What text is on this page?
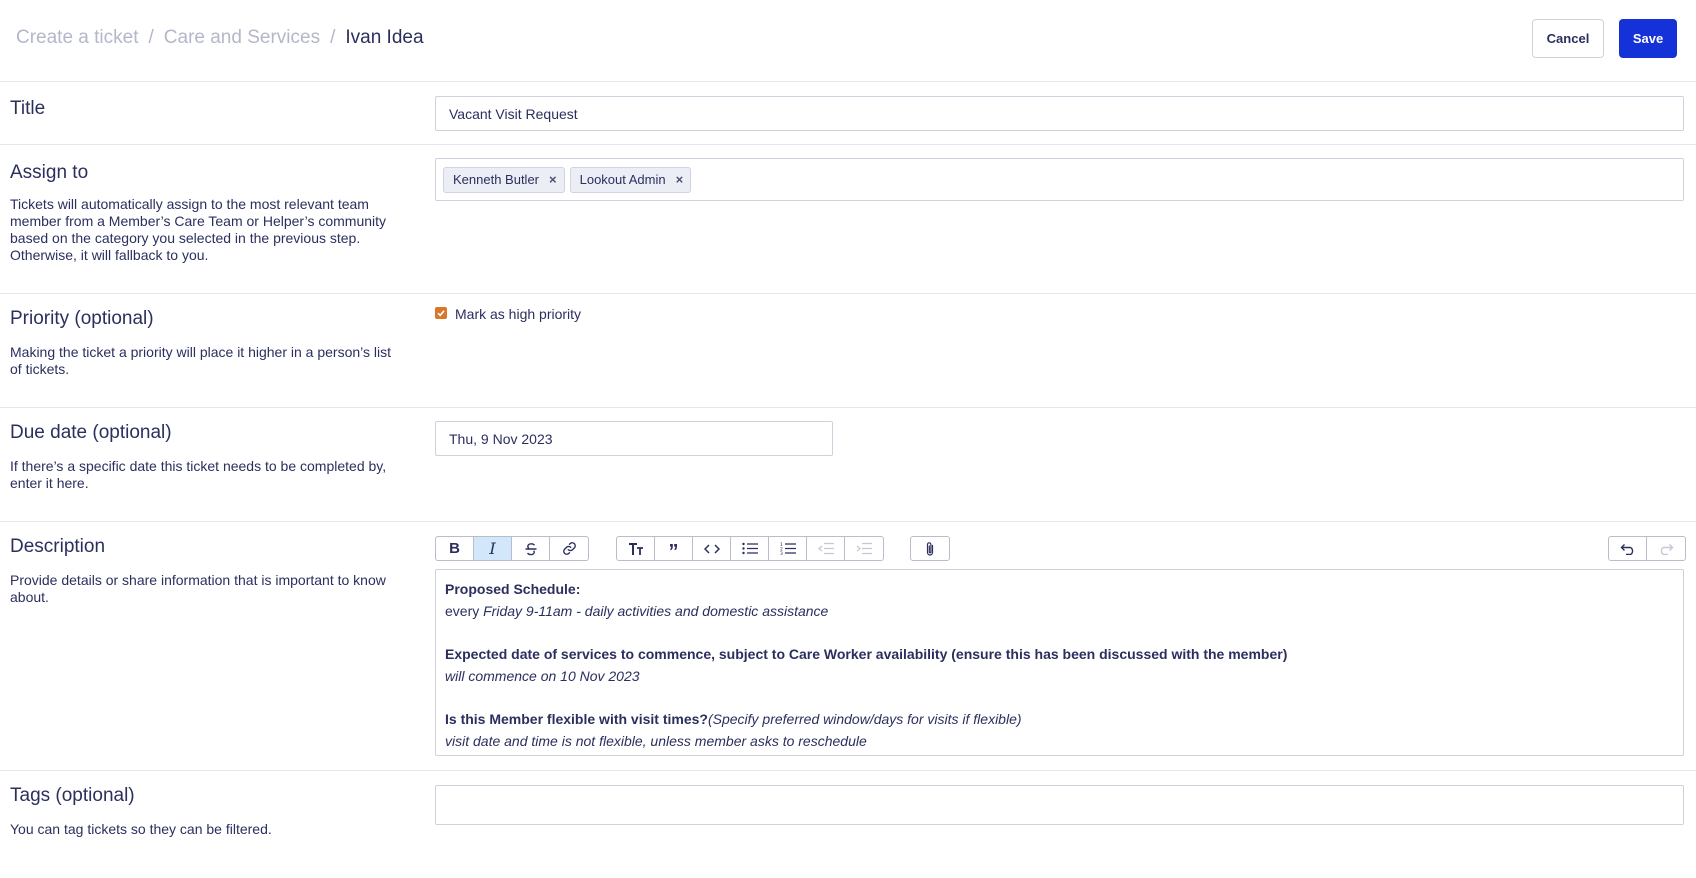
Create a ticket / Care and Services / Ivan Idea	Cancel	Save
Title	Vacant Visit Request
Assign to
Tickets will automatically assign to the most relevant team member from a Member’s Care Team or Helper’s community based on the category you selected in the previous step. Otherwise, it will fallback to you.
Kenneth Butler × Lookout Admin ×
Priority (optional)
Making the ticket a priority will place it higher in a person’s list of tickets.
Mark as high priority
Due date (optional)
If there’s a specific date this ticket needs to be completed by, enter it here.
Thu, 9 Nov 2023
Description
Provide details or share information that is important to know about.
B I	”	1
2
3

Proposed Schedule:

every Friday 9-11am - daily activities and domestic assistance

Expected date of services to commence, subject to Care Worker availability (ensure this has been discussed with the member)

will commence on 10 Nov 2023

Is this Member flexible with visit times?(Specify preferred window/days for visits if flexible)

visit date and time is not flexible, unless member asks to reschedule

Tags (optional)
You can tag tickets so they can be filtered.
